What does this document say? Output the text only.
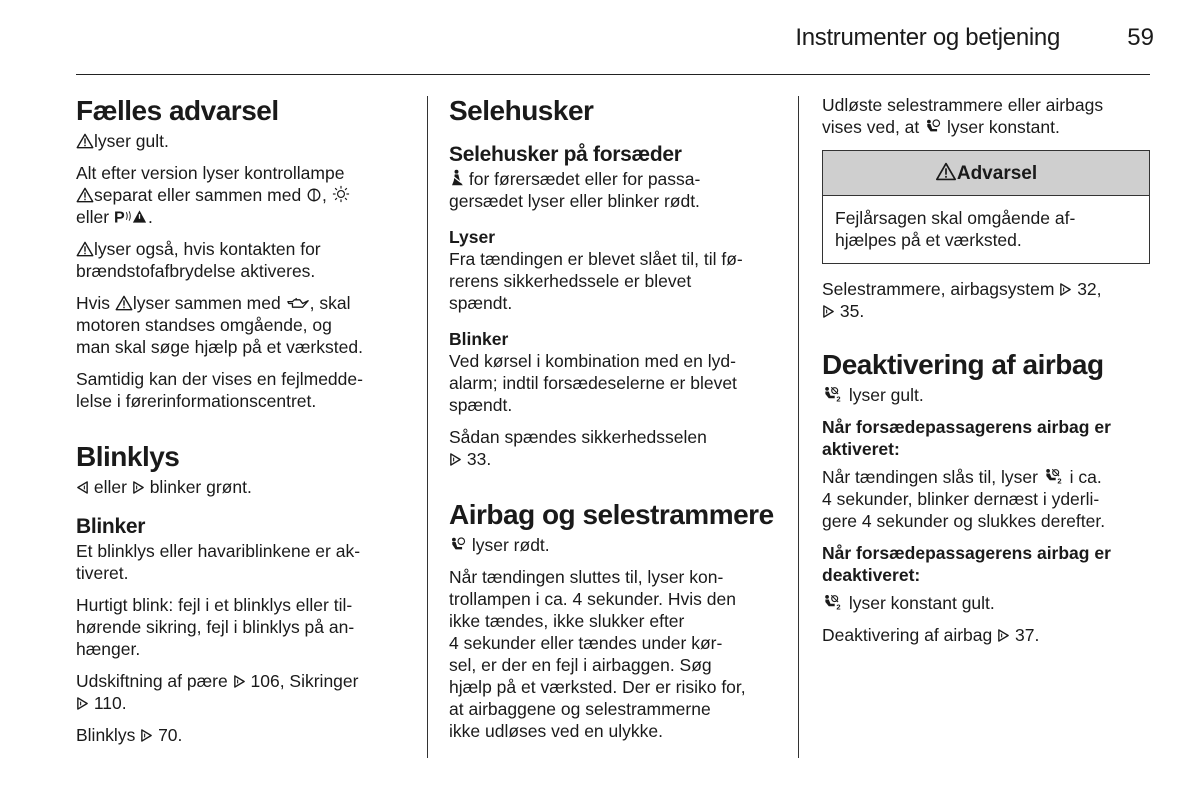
Instrumenter og betjening	59
Fælles advarsel

lyser gult.

Alt efter version lyser kontrollampe

separat eller sammen med ,

eller .

lyser også, hvis kontakten for
brændstofafbrydelse aktiveres.

Hvis lyser sammen med , skal
motoren standses omgående, og
man skal søge hjælp på et værksted.

Samtidig kan der vises en fejlmedde-
lelse i førerinformationscentret.

Blinklys

eller blinker grønt.

Blinker

Et blinklys eller havariblinkene er ak-
tiveret.

Hurtigt blink: fejl i et blinklys eller til-
hørende sikring, fejl i blinklys på an-
hænger.

Udskiftning af pære 106, Sikringer

110.

Blinklys 70.

Selehusker
Selehusker på forsæder

for førersædet eller for passa-
gersædet lyser eller blinker rødt.

Lyser

Fra tændingen er blevet slået til, til fø-
rerens sikkerhedssele er blevet
spændt.

Blinker

Ved kørsel i kombination med en lyd-
alarm; indtil forsædeselerne er blevet
spændt.

Sådan spændes sikkerhedsselen

33.

Airbag og selestrammere

lyser rødt.

Når tændingen sluttes til, lyser kon-
trollampen i ca. 4 sekunder. Hvis den
ikke tændes, ikke slukker efter
4 sekunder eller tændes under kør-
sel, er der en fejl i airbaggen. Søg
hjælp på et værksted. Der er risiko for,
at airbaggene og selestrammerne
ikke udløses ved en ulykke.

Udløste selestrammere eller airbags
vises ved, at lyser konstant.

Advarsel
Fejlårsagen skal omgående af-
hjælpes på et værksted.

Selestrammere, airbagsystem 32,

35.

Deaktivering af airbag

lyser gult.

Når forsædepassagerens airbag er
aktiveret:

Når tændingen slås til, lyser i ca.
4 sekunder, blinker dernæst i yderli-
gere 4 sekunder og slukkes derefter.

Når forsædepassagerens airbag er
deaktiveret:

lyser konstant gult.

Deaktivering af airbag 37.
